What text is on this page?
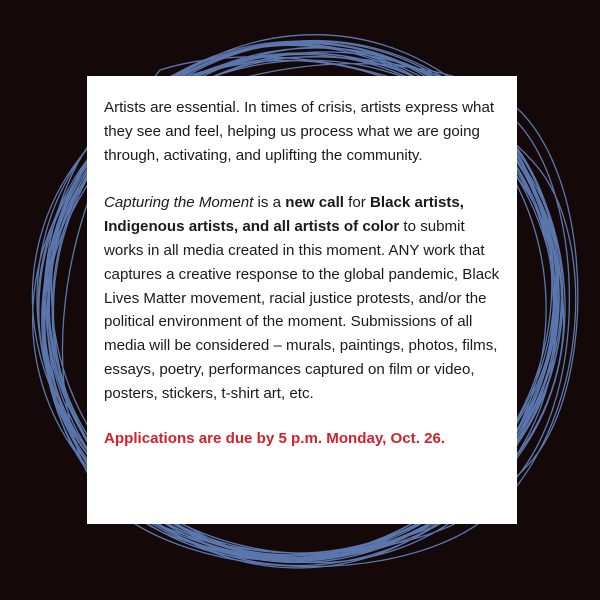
Artists are essential. In times of crisis, artists express what they see and feel, helping us process what we are going through, activating, and uplifting the community.

Capturing the Moment is a new call for Black artists, Indigenous artists, and all artists of color to submit works in all media created in this moment. ANY work that captures a creative response to the global pandemic, Black Lives Matter movement, racial justice protests, and/or the political environment of the moment. Submissions of all media will be considered – murals, paintings, photos, films, essays, poetry, performances captured on film or video, posters, stickers, t-shirt art, etc.

Applications are due by 5 p.m. Monday, Oct. 26.
